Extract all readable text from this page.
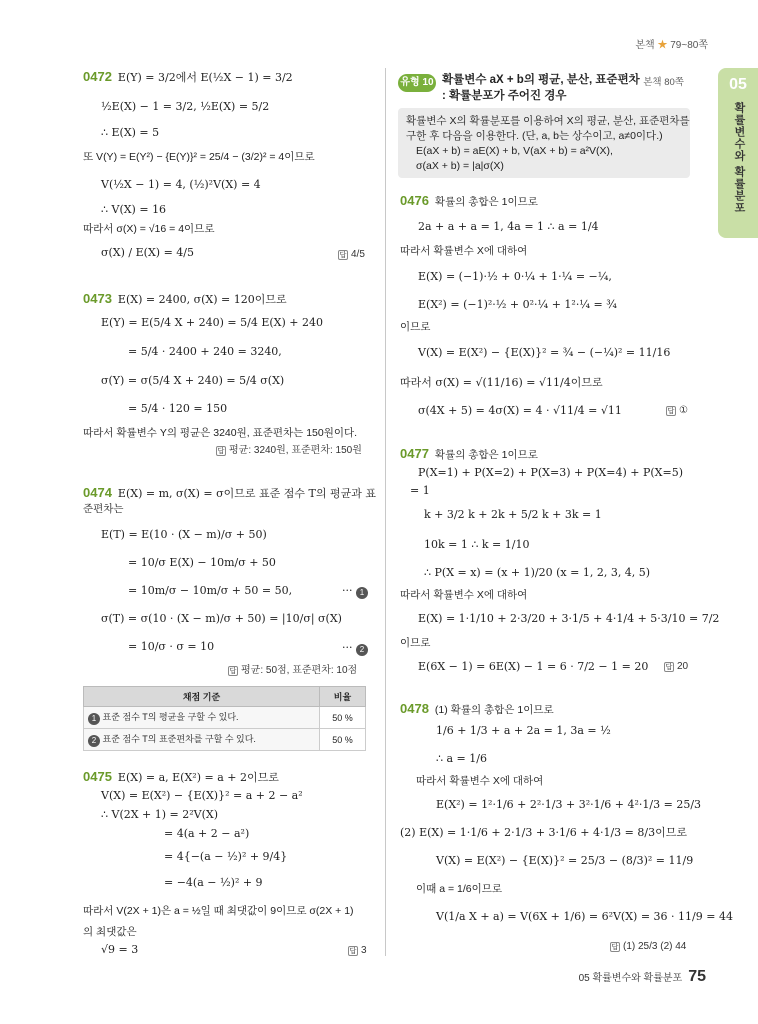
본책 ★ 79~80쪽
05
확률변수와 확률분포
0472 E(Y) = 3/2에서 E(½X − 1) = 3/2
½E(X) − 1 = 3/2, ½E(X) = 5/2
∴ E(X) = 5
또 V(Y) = E(Y²) − {E(Y)}² = 25/4 − (3/2)² = 4이므로
V(½X − 1) = 4, (½)²V(X) = 4
∴ V(X) = 16
따라서 σ(X) = √16 = 4이므로
σ(X) / E(X) = 4/5	답 4/5
0473 E(X) = 2400, σ(X) = 120이므로
E(Y) = E(5/4 X + 240) = 5/4 E(X) + 240
= 5/4 · 2400 + 240 = 3240,
σ(Y) = σ(5/4 X + 240) = 5/4 σ(X)
= 5/4 · 120 = 150
따라서 확률변수 Y의 평균은 3240원, 표준편차는 150원이다.
답 평균: 3240원, 표준편차: 150원
0474 E(X) = m, σ(X) = σ이므로 표준 점수 T의 평균과 표
준편차는
E(T) = E(10 · (X − m)/σ + 50)
= 10/σ E(X) − 10m/σ + 50
= 10m/σ − 10m/σ + 50 = 50,	··· 1
σ(T) = σ(10 · (X − m)/σ + 50) = |10/σ| σ(X)
= 10/σ · σ = 10	··· 2
답 평균: 50점, 표준편차: 10점
채점 기준	비율
1 표준 점수 T의 평균을 구할 수 있다.	50 %
2 표준 점수 T의 표준편차를 구할 수 있다.	50 %
0475 E(X) = a, E(X²) = a + 2이므로
V(X) = E(X²) − {E(X)}² = a + 2 − a²
∴ V(2X + 1) = 2²V(X)
= 4(a + 2 − a²)
= 4{−(a − ½)² + 9/4}
= −4(a − ½)² + 9
따라서 V(2X + 1)은 a = ½일 때 최댓값이 9이므로 σ(2X + 1)
의 최댓값은
√9 = 3	답 3
유형 10 확률변수 aX + b의 평균, 분산, 표준편차
: 확률분포가 주어진 경우
본책 80쪽
확률변수 X의 확률분포를 이용하여 X의 평균, 분산, 표준편차를
구한 후 다음을 이용한다. (단, a, b는 상수이고, a≠0이다.)
E(aX + b) = aE(X) + b, V(aX + b) = a²V(X),
σ(aX + b) = |a|σ(X)
0476 확률의 총합은 1이므로
2a + a + a = 1, 4a = 1 ∴ a = 1/4
따라서 확률변수 X에 대하여
E(X) = (−1)·½ + 0·¼ + 1·¼ = −¼,
E(X²) = (−1)²·½ + 0²·¼ + 1²·¼ = ¾
이므로
V(X) = E(X²) − {E(X)}² = ¾ − (−¼)² = 11/16
따라서 σ(X) = √(11/16) = √11/4이므로
σ(4X + 5) = 4σ(X) = 4 · √11/4 = √11	답 ①
0477 확률의 총합은 1이므로
P(X=1) + P(X=2) + P(X=3) + P(X=4) + P(X=5)
= 1
k + 3/2 k + 2k + 5/2 k + 3k = 1
10k = 1 ∴ k = 1/10
∴ P(X = x) = (x + 1)/20 (x = 1, 2, 3, 4, 5)
따라서 확률변수 X에 대하여
E(X) = 1·1/10 + 2·3/20 + 3·1/5 + 4·1/4 + 5·3/10 = 7/2
이므로
E(6X − 1) = 6E(X) − 1 = 6 · 7/2 − 1 = 20 답 20
0478 (1) 확률의 총합은 1이므로
1/6 + 1/3 + a + 2a = 1, 3a = ½
∴ a = 1/6
따라서 확률변수 X에 대하여
E(X²) = 1²·1/6 + 2²·1/3 + 3²·1/6 + 4²·1/3 = 25/3
(2) E(X) = 1·1/6 + 2·1/3 + 3·1/6 + 4·1/3 = 8/3이므로
V(X) = E(X²) − {E(X)}² = 25/3 − (8/3)² = 11/9
이때 a = 1/6이므로
V(1/a X + a) = V(6X + 1/6) = 6²V(X) = 36 · 11/9 = 44
답 (1) 25/3 (2) 44
05 확률변수와 확률분포 75
